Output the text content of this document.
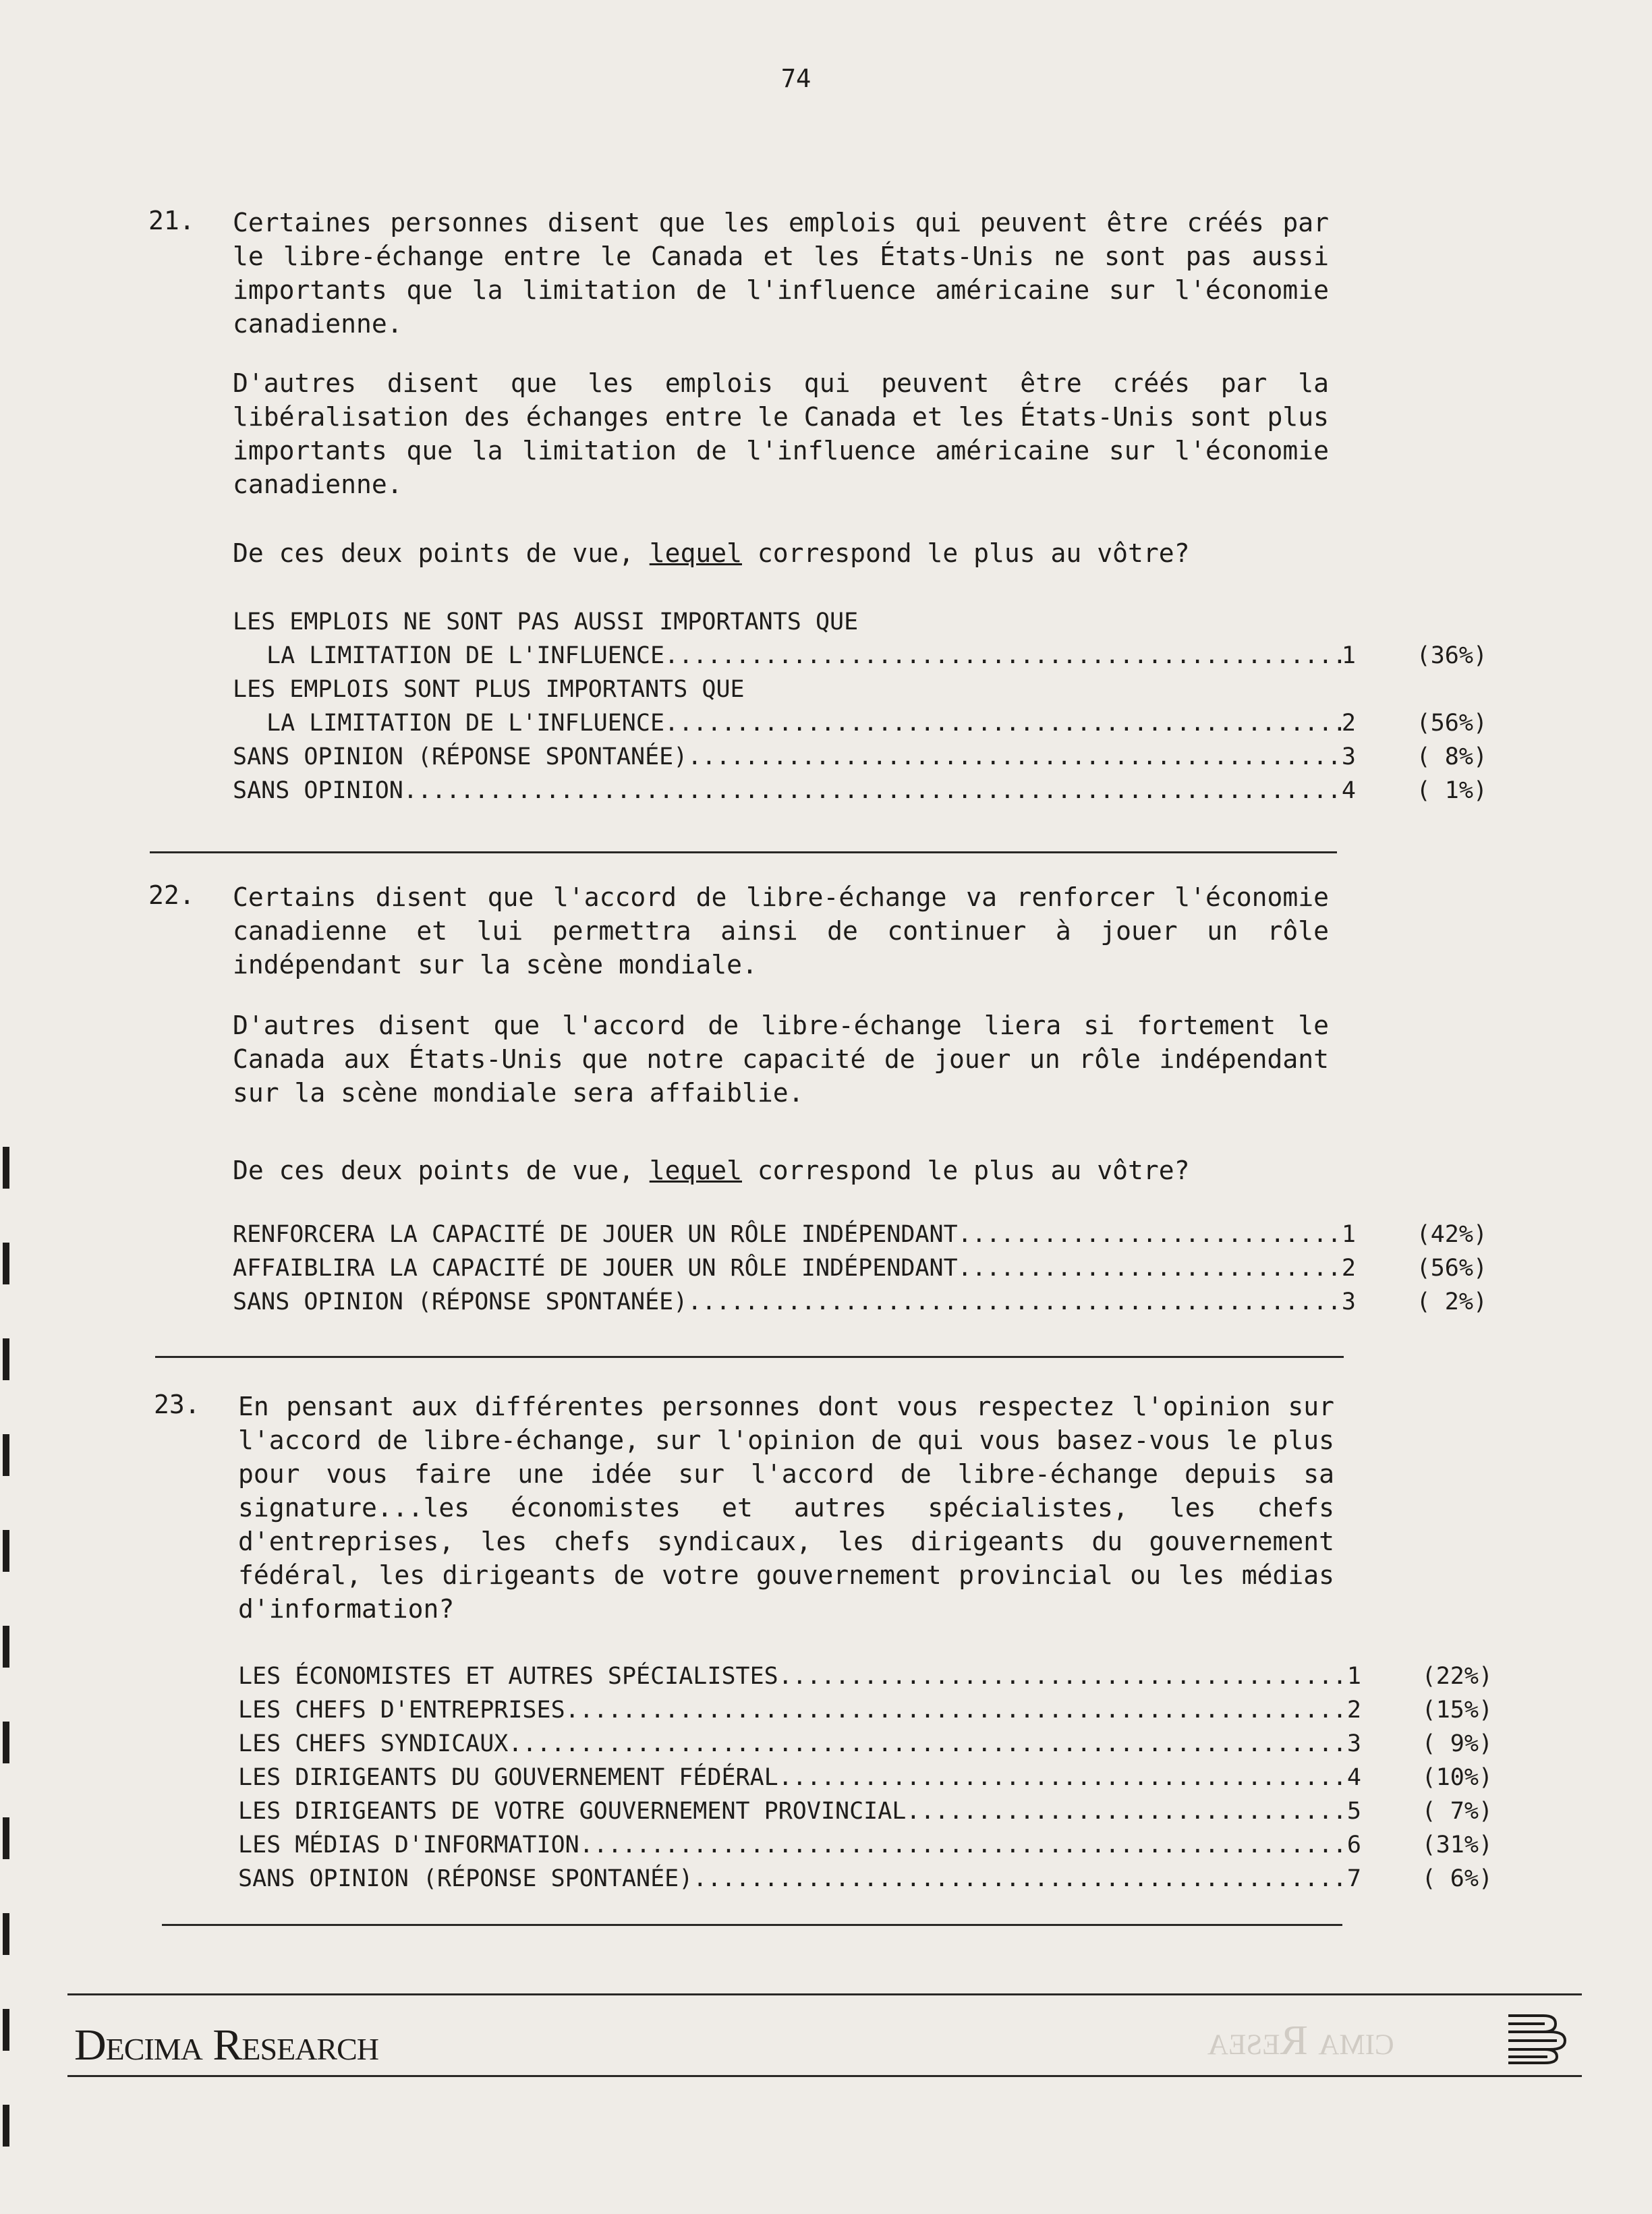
74
21. Certaines personnes disent que les emplois qui peuvent être créés par le libre-échange entre le Canada et les États-Unis ne sont pas aussi importants que la limitation de l'influence américaine sur l'économie canadienne.
D'autres disent que les emplois qui peuvent être créés par la libéralisation des échanges entre le Canada et les États-Unis sont plus importants que la limitation de l'influence américaine sur l'économie canadienne.
De ces deux points de vue, lequel correspond le plus au vôtre?
LES EMPLOIS NE SONT PAS AUSSI IMPORTANTS QUE
LA LIMITATION DE L'INFLUENCE .....	1	(36%)
LES EMPLOIS SONT PLUS IMPORTANTS QUE
LA LIMITATION DE L'INFLUENCE .....	2	(56%)
SANS OPINION (RÉPONSE SPONTANÉE) .....	3	( 8%)
SANS OPINION .....	4	( 1%)
22. Certains disent que l'accord de libre-échange va renforcer l'économie canadienne et lui permettra ainsi de continuer à jouer un rôle indépendant sur la scène mondiale.
D'autres disent que l'accord de libre-échange liera si fortement le Canada aux États-Unis que notre capacité de jouer un rôle indépendant sur la scène mondiale sera affaiblie.
De ces deux points de vue, lequel correspond le plus au vôtre?
RENFORCERA LA CAPACITÉ DE JOUER UN RÔLE INDÉPENDANT .....	1	(42%)
AFFAIBLIRA LA CAPACITÉ DE JOUER UN RÔLE INDÉPENDANT .....	2	(56%)
SANS OPINION (RÉPONSE SPONTANÉE) .....	3	( 2%)
23. En pensant aux différentes personnes dont vous respectez l'opinion sur l'accord de libre-échange, sur l'opinion de qui vous basez-vous le plus pour vous faire une idée sur l'accord de libre-échange depuis sa signature...les économistes et autres spécialistes, les chefs d'entreprises, les chefs syndicaux, les dirigeants du gouvernement fédéral, les dirigeants de votre gouvernement provincial ou les médias d'information?
LES ÉCONOMISTES ET AUTRES SPÉCIALISTES .....	1	(22%)
LES CHEFS D'ENTREPRISES .....	2	(15%)
LES CHEFS SYNDICAUX .....	3	( 9%)
LES DIRIGEANTS DU GOUVERNEMENT FÉDÉRAL .....	4	(10%)
LES DIRIGEANTS DE VOTRE GOUVERNEMENT PROVINCIAL .....	5	( 7%)
LES MÉDIAS D'INFORMATION .....	6	(31%)
SANS OPINION (RÉPONSE SPONTANÉE) .....	7	( 6%)
Decima Research	cima Resea
